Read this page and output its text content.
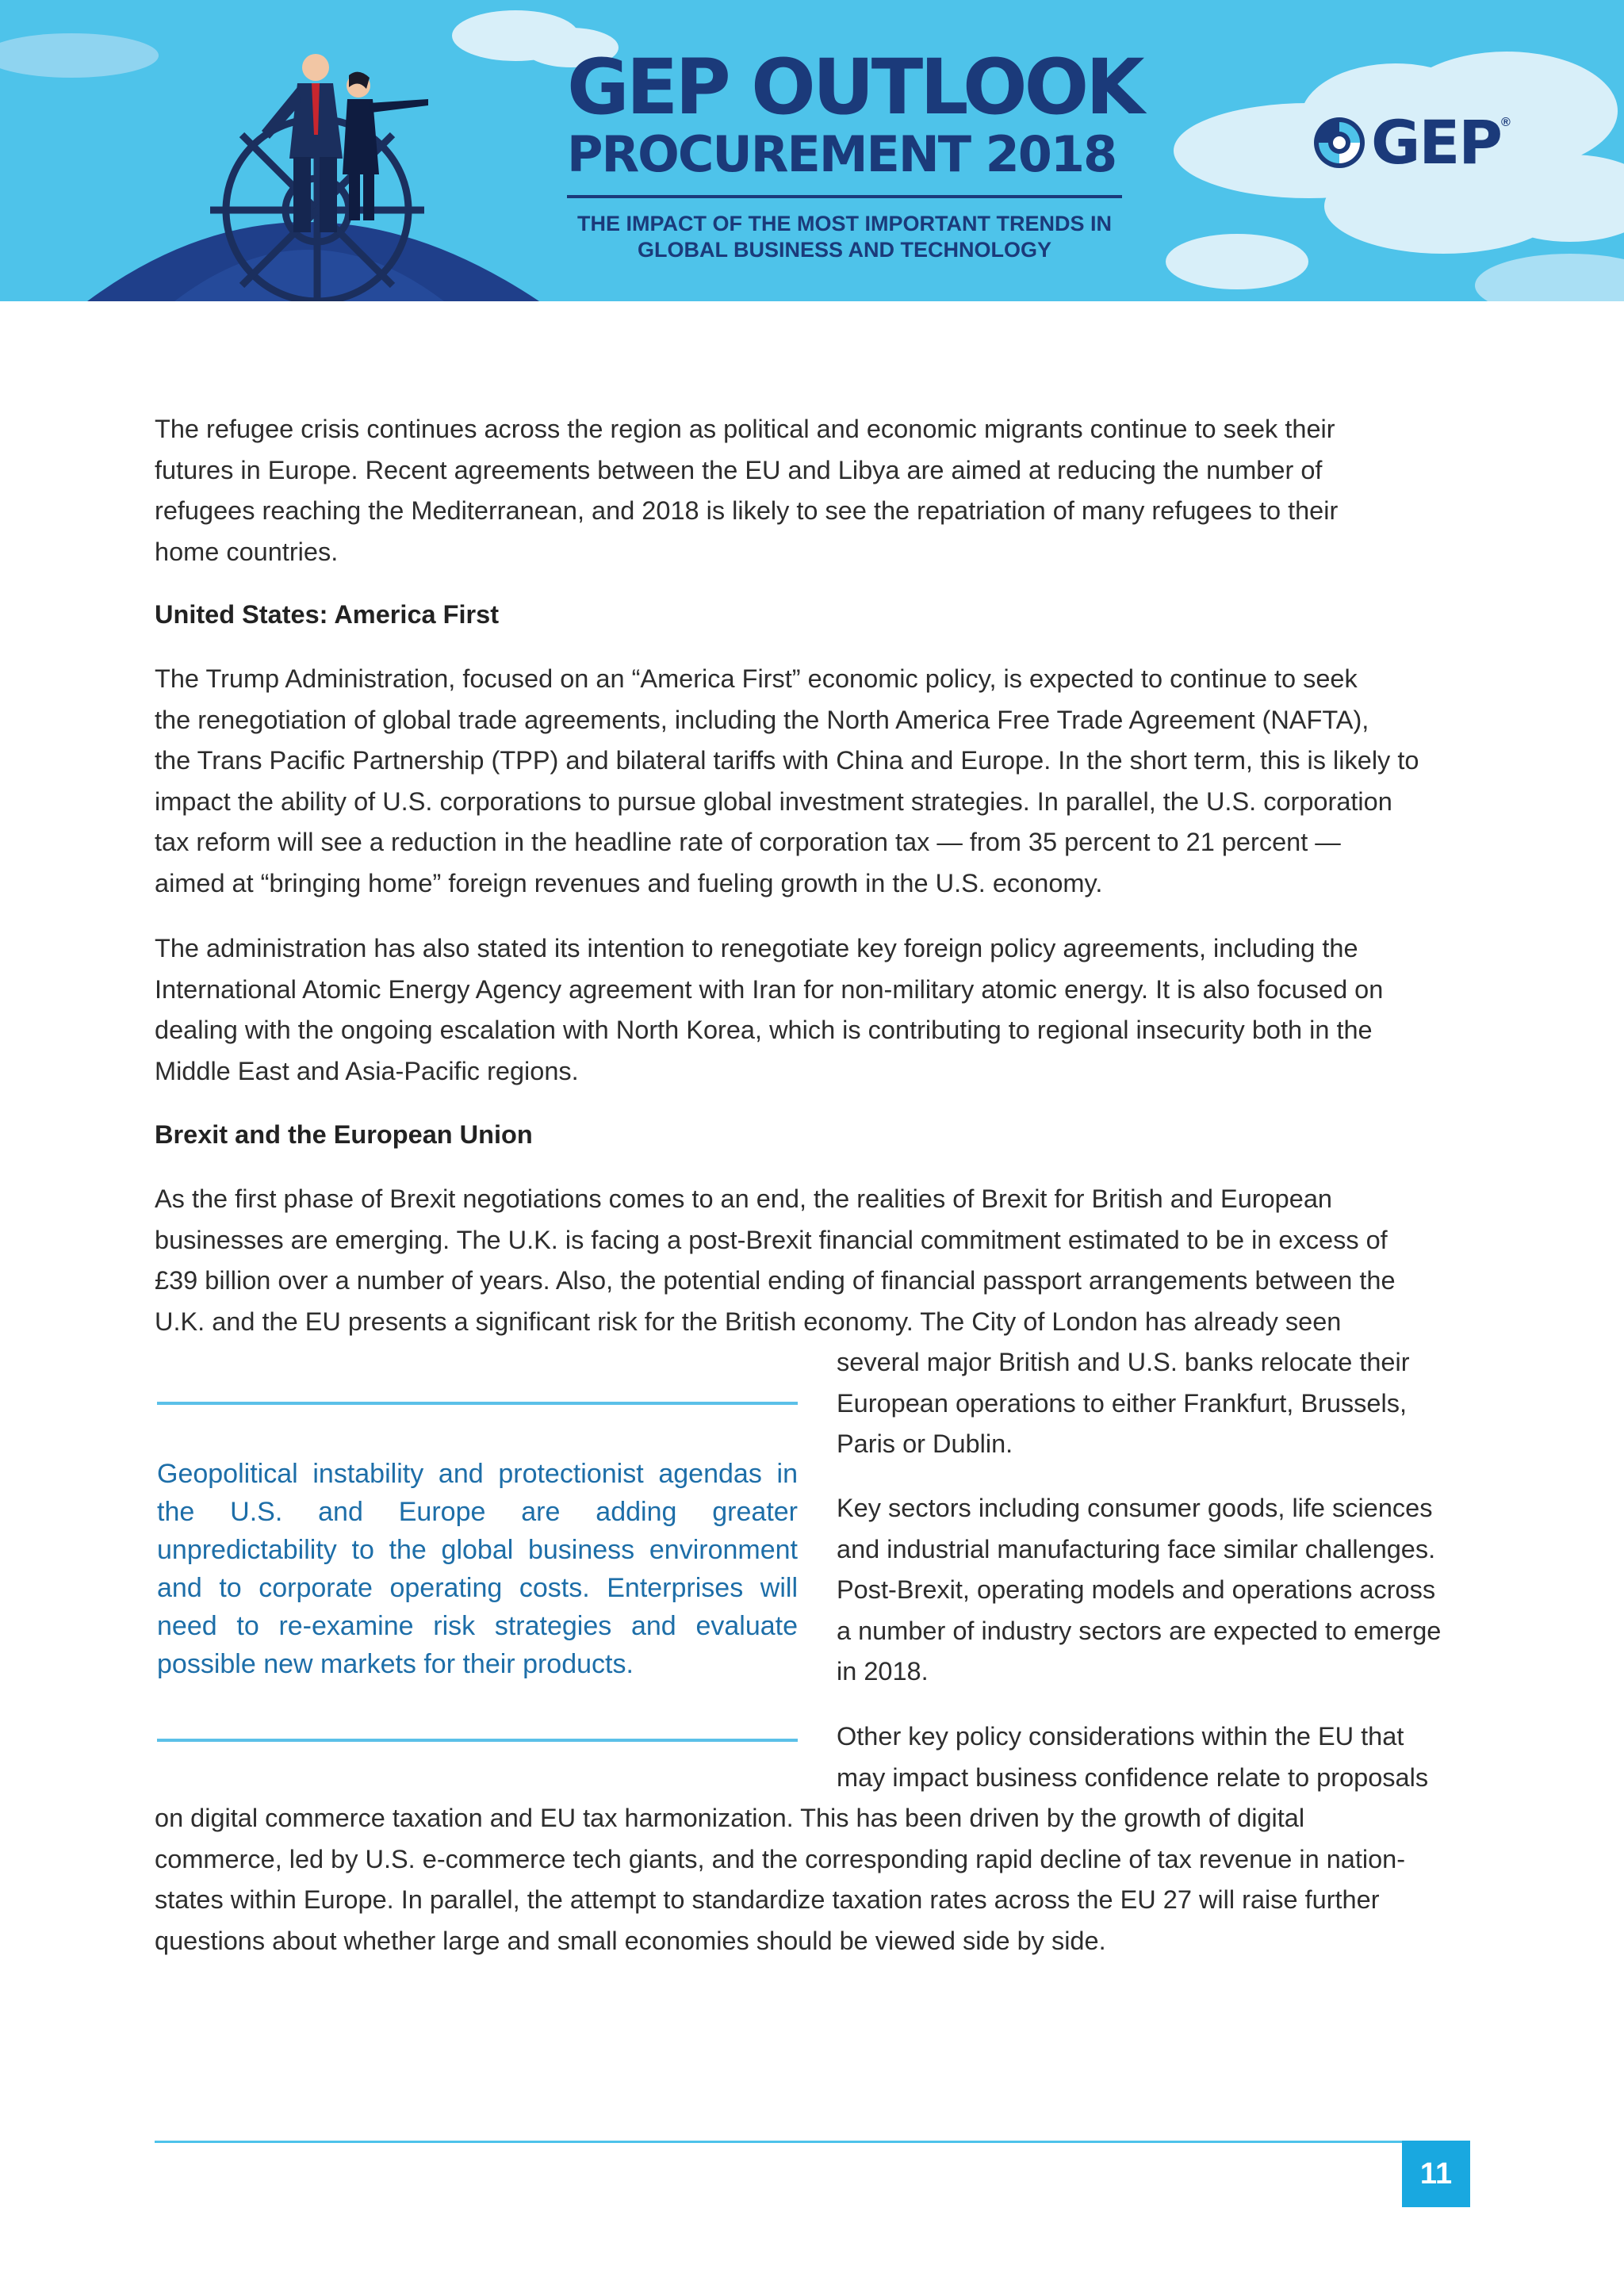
GEP OUTLOOK
PROCUREMENT 2018
THE IMPACT OF THE MOST IMPORTANT TRENDS IN
GLOBAL BUSINESS AND TECHNOLOGY
GEP ®

The refugee crisis continues across the region as political and economic migrants continue to seek their
futures in Europe. Recent agreements between the EU and Libya are aimed at reducing the number of
refugees reaching the Mediterranean, and 2018 is likely to see the repatriation of many refugees to their
home countries.

United States: America First

The Trump Administration, focused on an “America First” economic policy, is expected to continue to seek
the renegotiation of global trade agreements, including the North America Free Trade Agreement (NAFTA),
the Trans Pacific Partnership (TPP) and bilateral tariffs with China and Europe. In the short term, this is likely to
impact the ability of U.S. corporations to pursue global investment strategies. In parallel, the U.S. corporation
tax reform will see a reduction in the headline rate of corporation tax — from 35 percent to 21 percent —
aimed at “bringing home” foreign revenues and fueling growth in the U.S. economy.

The administration has also stated its intention to renegotiate key foreign policy agreements, including the
International Atomic Energy Agency agreement with Iran for non-military atomic energy. It is also focused on
dealing with the ongoing escalation with North Korea, which is contributing to regional insecurity both in the
Middle East and Asia-Pacific regions.

Brexit and the European Union

As the first phase of Brexit negotiations comes to an end, the realities of Brexit for British and European
businesses are emerging. The U.K. is facing a post-Brexit financial commitment estimated to be in excess of
£39 billion over a number of years. Also, the potential ending of financial passport arrangements between the
U.K. and the EU presents a significant risk for the British economy. The City of London has already seen

several major British and U.S. banks relocate their
European operations to either Frankfurt, Brussels,
Paris or Dublin.

Key sectors including consumer goods, life sciences
and industrial manufacturing face similar challenges.
Post-Brexit, operating models and operations across
a number of industry sectors are expected to emerge
in 2018.

Other key policy considerations within the EU that
may impact business confidence relate to proposals

on digital commerce taxation and EU tax harmonization. This has been driven by the growth of digital
commerce, led by U.S. e-commerce tech giants, and the corresponding rapid decline of tax revenue in nation-
states within Europe. In parallel, the attempt to standardize taxation rates across the EU 27 will raise further
questions about whether large and small economies should be viewed side by side.

Geopolitical instability and protectionist agendas in the U.S. and Europe are adding greater unpredictability to the global business environment and to corporate operating costs. Enterprises will need to re-examine risk strategies and evaluate possible new markets for their products.

11
